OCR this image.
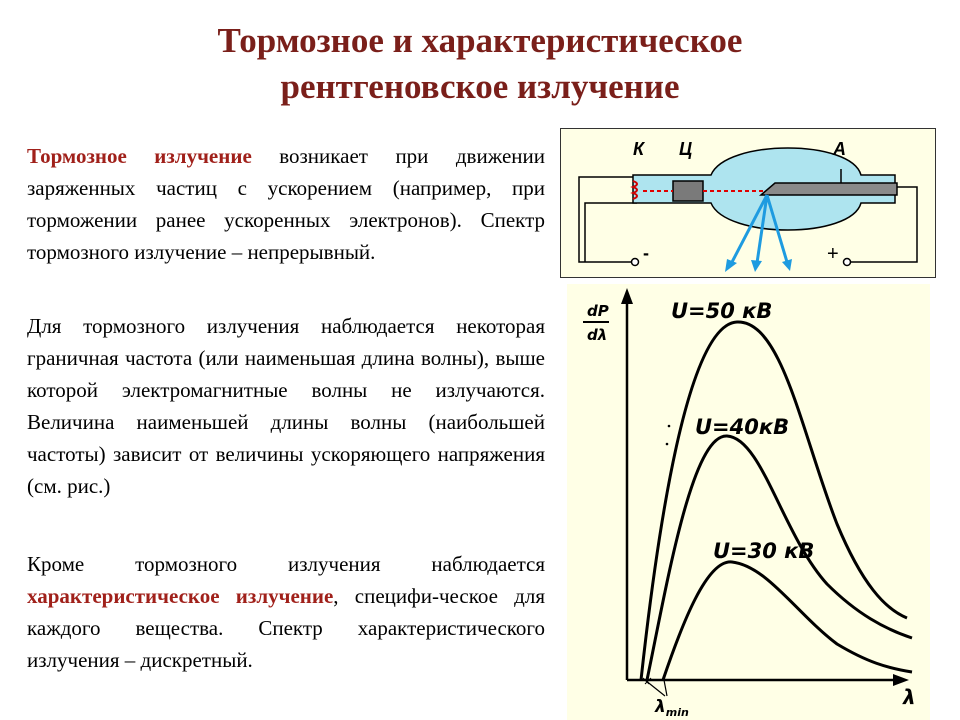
Тормозное и характеристическое
рентгеновское излучение
Тормозное излучение возникает при движении заряженных частиц с ускорением (например, при торможении ранее ускоренных электронов). Спектр тормозного излучение – непрерывный.
Для тормозного излучения наблюдается некоторая граничная частота (или наименьшая длина волны), выше которой электромагнитные волны не излучаются. Величина наименьшей длины волны (наибольшей частоты) зависит от величины ускоряющего напряжения (см. рис.)
Кроме тормозного излучения наблюдается характеристическое излучение, специфи-ческое для каждого вещества. Спектр характеристического излучения – дискретный.
К Ц	А
-	+
dP
dλ
λ
$\lambda_{min}$
U=50 кВ
U=40кВ
U=30 кВ
